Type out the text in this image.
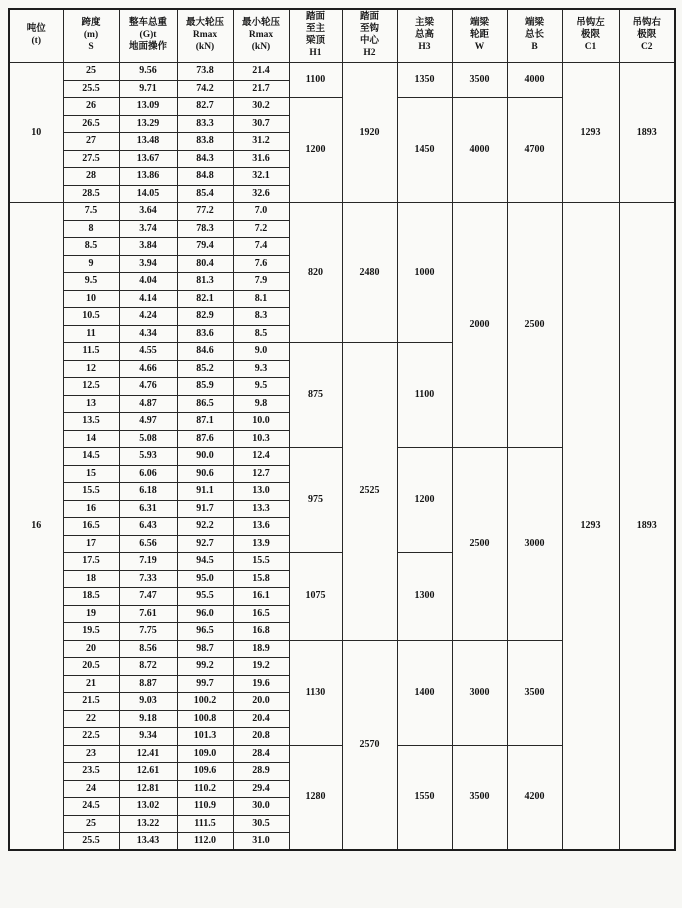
吨位
(t)	跨度
(m)
S	整车总重
(G)t
地面操作	最大轮压
Rmax
(kN)	最小轮压
Rmax
(kN)	踏面
至主
梁顶
H1	踏面
至钩
中心
H2	主梁
总高
H3	端梁
轮距
W	端梁
总长
B	吊钩左
极限
C1	吊钩右
极限
C2
10	25	9.56	73.8	21.4	1100	1920	1350	3500	4000	1293	1893
	25.5	9.71	74.2	21.7							
	26	13.09	82.7	30.2	1200		1450	4000	4700		
	26.5	13.29	83.3	30.7							
	27	13.48	83.8	31.2							
	27.5	13.67	84.3	31.6							
	28	13.86	84.8	32.1							
	28.5	14.05	85.4	32.6							
16	7.5	3.64	77.2	7.0	820	2480	1000	2000	2500	1293	1893
	8	3.74	78.3	7.2							
	8.5	3.84	79.4	7.4							
	9	3.94	80.4	7.6							
	9.5	4.04	81.3	7.9							
	10	4.14	82.1	8.1							
	10.5	4.24	82.9	8.3							
	11	4.34	83.6	8.5							
	11.5	4.55	84.6	9.0	875	2525	1100				
	12	4.66	85.2	9.3							
	12.5	4.76	85.9	9.5							
	13	4.87	86.5	9.8							
	13.5	4.97	87.1	10.0							
	14	5.08	87.6	10.3							
	14.5	5.93	90.0	12.4	975		1200	2500	3000		
	15	6.06	90.6	12.7							
	15.5	6.18	91.1	13.0							
	16	6.31	91.7	13.3							
	16.5	6.43	92.2	13.6							
	17	6.56	92.7	13.9							
	17.5	7.19	94.5	15.5	1075		1300				
	18	7.33	95.0	15.8							
	18.5	7.47	95.5	16.1							
	19	7.61	96.0	16.5							
	19.5	7.75	96.5	16.8							
	20	8.56	98.7	18.9	1130	2570	1400	3000	3500		
	20.5	8.72	99.2	19.2							
	21	8.87	99.7	19.6							
	21.5	9.03	100.2	20.0							
	22	9.18	100.8	20.4							
	22.5	9.34	101.3	20.8							
	23	12.41	109.0	28.4	1280		1550	3500	4200		
	23.5	12.61	109.6	28.9							
	24	12.81	110.2	29.4							
	24.5	13.02	110.9	30.0							
	25	13.22	111.5	30.5							
	25.5	13.43	112.0	31.0							
